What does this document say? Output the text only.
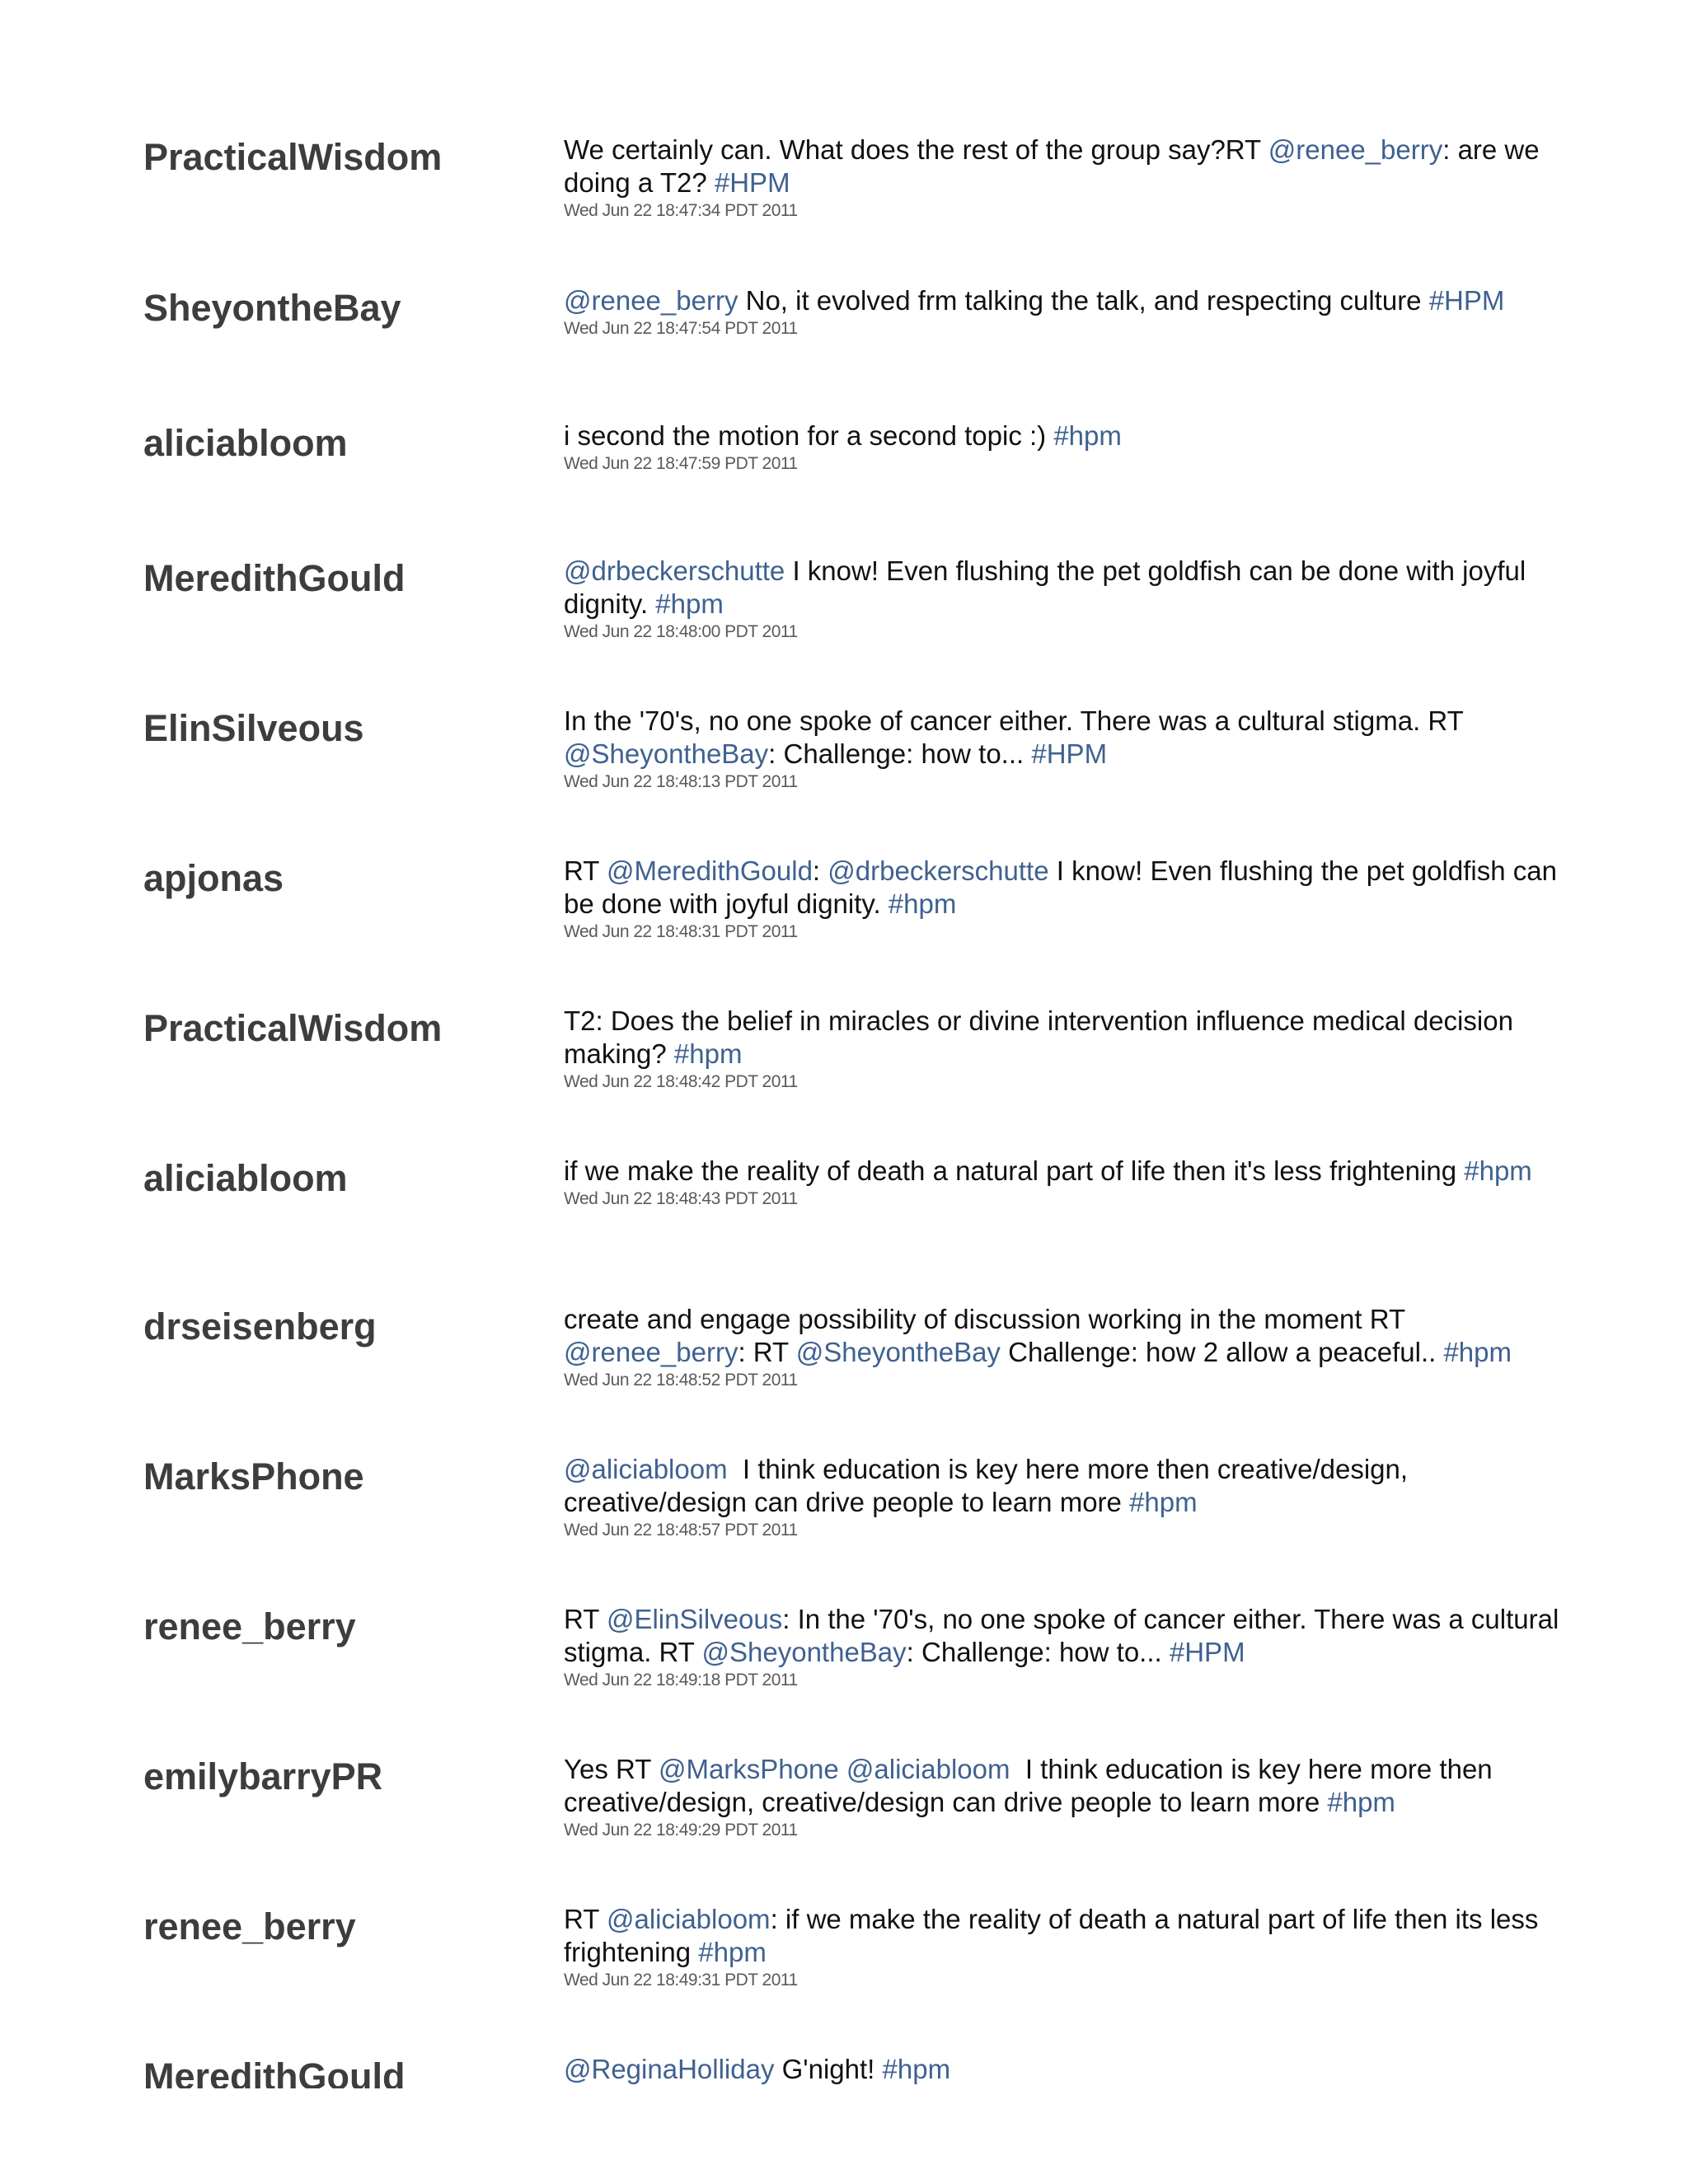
PracticalWisdom	We certainly can. What does the rest of the group say?RT @renee_berry: are we
doing a T2? #HPM
Wed Jun 22 18:47:34 PDT 2011
SheyontheBay	@renee_berry No, it evolved frm talking the talk, and respecting culture #HPM
Wed Jun 22 18:47:54 PDT 2011
aliciabloom	i second the motion for a second topic :) #hpm
Wed Jun 22 18:47:59 PDT 2011
MeredithGould	@drbeckerschutte I know! Even flushing the pet goldfish can be done with joyful
dignity. #hpm
Wed Jun 22 18:48:00 PDT 2011
ElinSilveous	In the '70's, no one spoke of cancer either. There was a cultural stigma. RT
@SheyontheBay: Challenge: how to... #HPM
Wed Jun 22 18:48:13 PDT 2011
apjonas	RT @MeredithGould: @drbeckerschutte I know! Even flushing the pet goldfish can
be done with joyful dignity. #hpm
Wed Jun 22 18:48:31 PDT 2011
PracticalWisdom	T2: Does the belief in miracles or divine intervention influence medical decision
making? #hpm
Wed Jun 22 18:48:42 PDT 2011
aliciabloom	if we make the reality of death a natural part of life then it's less frightening #hpm
Wed Jun 22 18:48:43 PDT 2011
drseisenberg	create and engage possibility of discussion working in the moment RT
@renee_berry: RT @SheyontheBay Challenge: how 2 allow a peaceful.. #hpm
Wed Jun 22 18:48:52 PDT 2011
MarksPhone	@aliciabloom  I think education is key here more then creative/design,
creative/design can drive people to learn more #hpm
Wed Jun 22 18:48:57 PDT 2011
renee_berry	RT @ElinSilveous: In the '70's, no one spoke of cancer either. There was a cultural
stigma. RT @SheyontheBay: Challenge: how to... #HPM
Wed Jun 22 18:49:18 PDT 2011
emilybarryPR	Yes RT @MarksPhone @aliciabloom  I think education is key here more then
creative/design, creative/design can drive people to learn more #hpm
Wed Jun 22 18:49:29 PDT 2011
renee_berry	RT @aliciabloom: if we make the reality of death a natural part of life then its less
frightening #hpm
Wed Jun 22 18:49:31 PDT 2011
MeredithGould	@ReginaHolliday G'night! #hpm
